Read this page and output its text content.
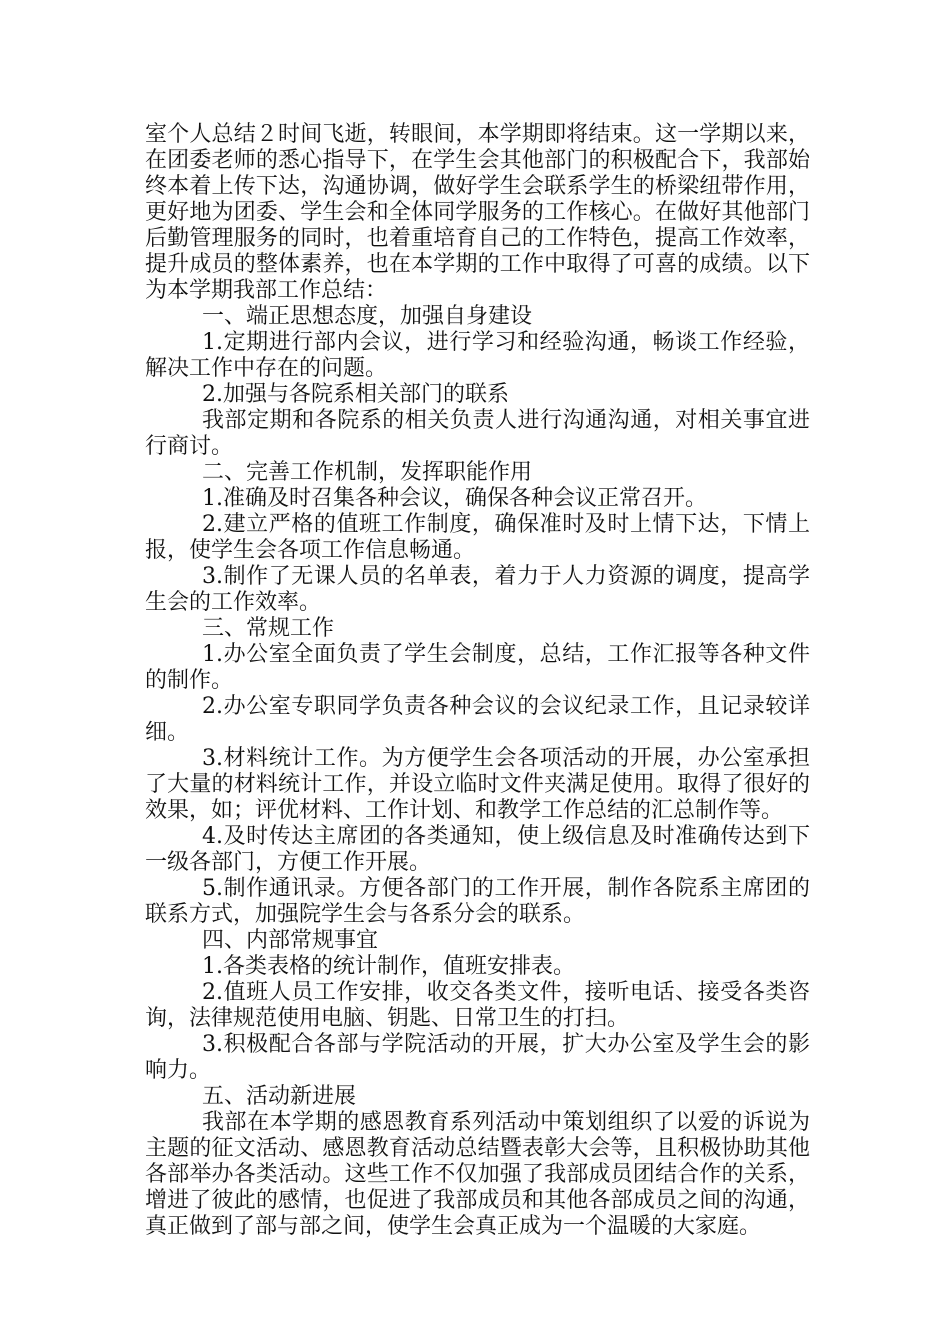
室个人总结２时间飞逝，转眼间，本学期即将结束。这一学期以来，在团委老师的悉心指导下，在学生会其他部门的积极配合下，我部始终本着上传下达，沟通协调，做好学生会联系学生的桥梁纽带作用，更好地为团委、学生会和全体同学服务的工作核心。在做好其他部门后勤管理服务的同时，也着重培育自己的工作特色，提高工作效率，提升成员的整体素养，也在本学期的工作中取得了可喜的成绩。以下为本学期我部工作总结：

一、端正思想态度，加强自身建设

1.定期进行部内会议，进行学习和经验沟通，畅谈工作经验，解决工作中存在的问题。

2.加强与各院系相关部门的联系

我部定期和各院系的相关负责人进行沟通沟通，对相关事宜进行商讨。

二、完善工作机制，发挥职能作用

1.准确及时召集各种会议，确保各种会议正常召开。

2.建立严格的值班工作制度，确保准时及时上情下达，下情上报，使学生会各项工作信息畅通。

3.制作了无课人员的名单表，着力于人力资源的调度，提高学生会的工作效率。

三、常规工作

1.办公室全面负责了学生会制度，总结，工作汇报等各种文件的制作。

2.办公室专职同学负责各种会议的会议纪录工作，且记录较详细。

3.材料统计工作。为方便学生会各项活动的开展，办公室承担了大量的材料统计工作，并设立临时文件夹满足使用。取得了很好的效果，如；评优材料、工作计划、和教学工作总结的汇总制作等。

4.及时传达主席团的各类通知，使上级信息及时准确传达到下一级各部门，方便工作开展。

5.制作通讯录。方便各部门的工作开展，制作各院系主席团的联系方式，加强院学生会与各系分会的联系。

四、内部常规事宜

1.各类表格的统计制作，值班安排表。

2.值班人员工作安排，收交各类文件，接听电话、接受各类咨询，法律规范使用电脑、钥匙、日常卫生的打扫。

3.积极配合各部与学院活动的开展，扩大办公室及学生会的影响力。

五、活动新进展

我部在本学期的感恩教育系列活动中策划组织了以爱的诉说为主题的征文活动、感恩教育活动总结暨表彰大会等，且积极协助其他各部举办各类活动。这些工作不仅加强了我部成员团结合作的关系，增进了彼此的感情，也促进了我部成员和其他各部成员之间的沟通，真正做到了部与部之间，使学生会真正成为一个温暖的大家庭。
